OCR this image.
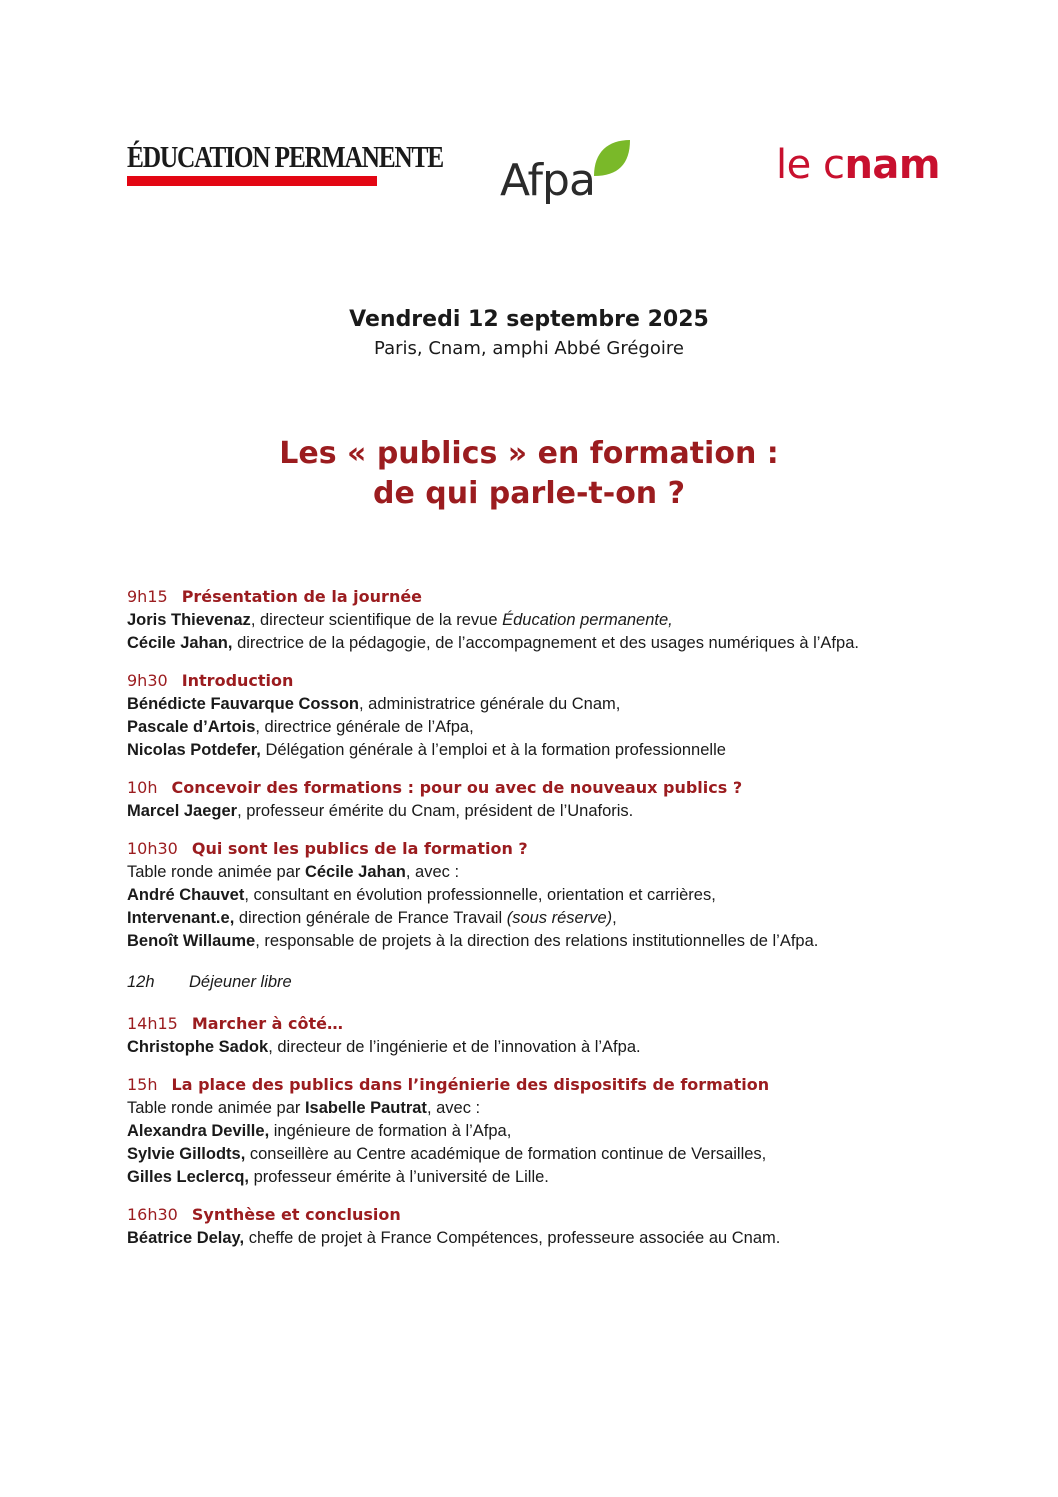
ÉDUCATION PERMANENTE Afpa	le cnam
Vendredi 12 septembre 2025
Paris, Cnam, amphi Abbé Grégoire
Les « publics » en formation :
de qui parle-t-on ?
9h15 Présentation de la journée
Joris Thievenaz, directeur scientifique de la revue Éducation permanente,
Cécile Jahan, directrice de la pédagogie, de l’accompagnement et des usages numériques à l’Afpa.
9h30 Introduction
Bénédicte Fauvarque Cosson, administratrice générale du Cnam,
Pascale d’Artois, directrice générale de l’Afpa,
Nicolas Potdefer, Délégation générale à l’emploi et à la formation professionnelle
10h Concevoir des formations : pour ou avec de nouveaux publics ?
Marcel Jaeger, professeur émérite du Cnam, président de l’Unaforis.
10h30 Qui sont les publics de la formation ?
Table ronde animée par Cécile Jahan, avec :
André Chauvet, consultant en évolution professionnelle, orientation et carrières,
Intervenant.e, direction générale de France Travail (sous réserve),
Benoît Willaume, responsable de projets à la direction des relations institutionnelles de l’Afpa.
12h Déjeuner libre
14h15 Marcher à côté…
Christophe Sadok, directeur de l’ingénierie et de l’innovation à l’Afpa.
15h La place des publics dans l’ingénierie des dispositifs de formation
Table ronde animée par Isabelle Pautrat, avec :
Alexandra Deville, ingénieure de formation à l’Afpa,
Sylvie Gillodts, conseillère au Centre académique de formation continue de Versailles,
Gilles Leclercq, professeur émérite à l’université de Lille.
16h30 Synthèse et conclusion
Béatrice Delay, cheffe de projet à France Compétences, professeure associée au Cnam.
